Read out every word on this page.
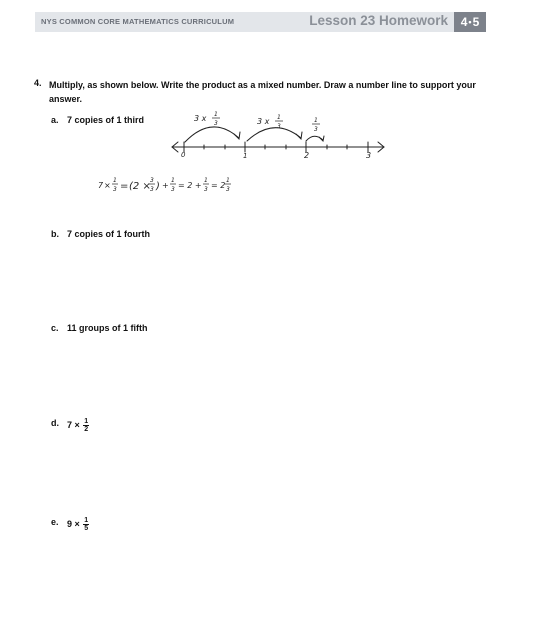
NYS COMMON CORE MATHEMATICS CURRICULUM	Lesson 23 Homework 4 • 5
4. Multiply, as shown below. Write the product as a mixed number. Draw a number line to support your answer.
a. 7 copies of 1 third	3 x 1
3	3 x 1
3
1
3
0	1	2	3
7 ×
1
3 = (2 ×
3
3 ) +
1
3 = 2 +
1
3 = 2
1
3
b. 7 copies of 1 fourth
c. 11 groups of 1 fifth
d. $7 \times \frac{1}{2}$
e. $9 \times \frac{1}{5}$
